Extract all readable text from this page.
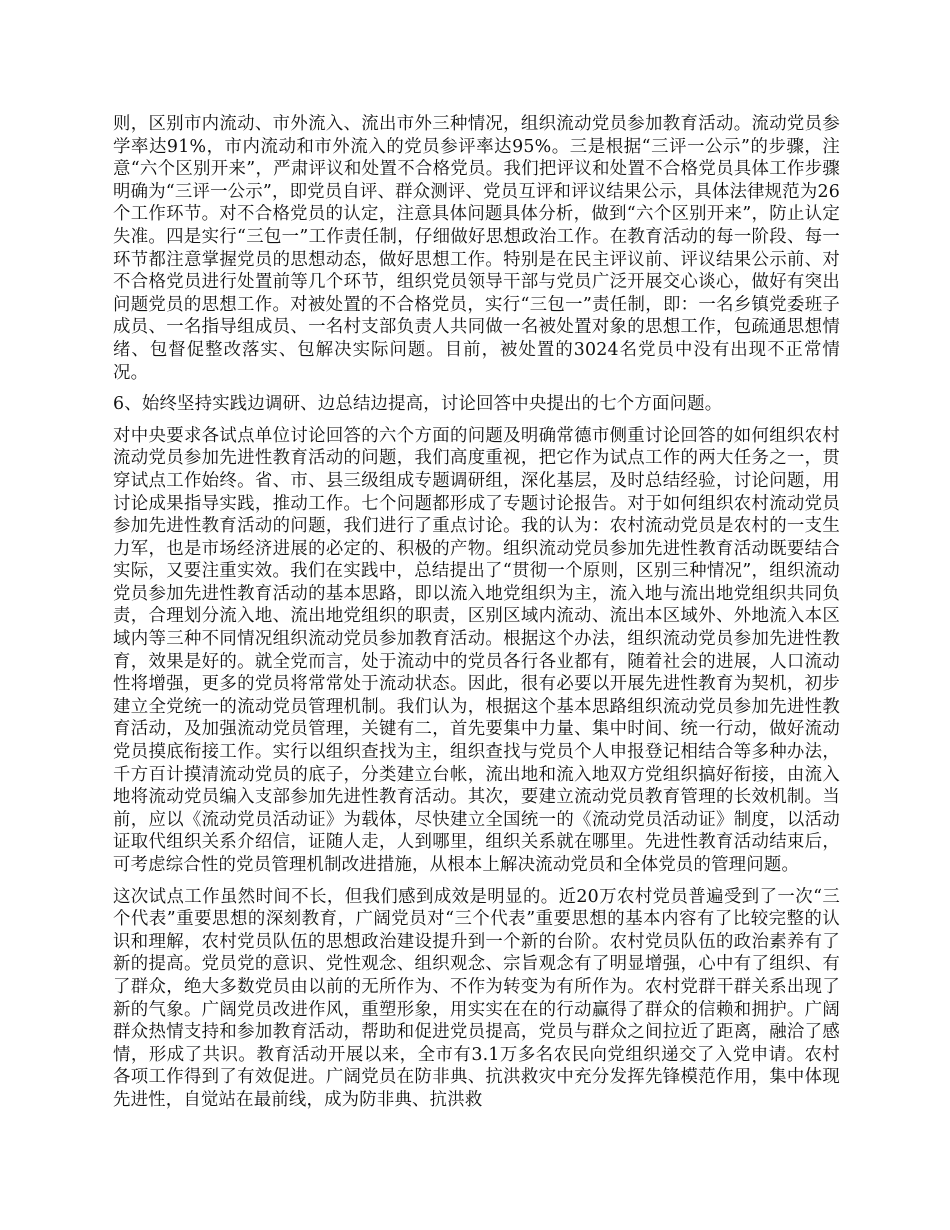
则，区别市内流动、市外流入、流出市外三种情况，组织流动党员参加教育活动。流动党员参学率达91%，市内流动和市外流入的党员参评率达95%。三是根据“三评一公示”的步骤，注意“六个区别开来”，严肃评议和处置不合格党员。我们把评议和处置不合格党员具体工作步骤明确为“三评一公示”，即党员自评、群众测评、党员互评和评议结果公示，具体法律规范为26个工作环节。对不合格党员的认定，注意具体问题具体分析，做到“六个区别开来”，防止认定失准。四是实行“三包一”工作责任制，仔细做好思想政治工作。在教育活动的每一阶段、每一环节都注意掌握党员的思想动态，做好思想工作。特别是在民主评议前、评议结果公示前、对不合格党员进行处置前等几个环节，组织党员领导干部与党员广泛开展交心谈心，做好有突出问题党员的思想工作。对被处置的不合格党员，实行“三包一”责任制，即：一名乡镇党委班子成员、一名指导组成员、一名村支部负责人共同做一名被处置对象的思想工作，包疏通思想情绪、包督促整改落实、包解决实际问题。目前，被处置的3024名党员中没有出现不正常情况。

6、始终坚持实践边调研、边总结边提高，讨论回答中央提出的七个方面问题。

对中央要求各试点单位讨论回答的六个方面的问题及明确常德市侧重讨论回答的如何组织农村流动党员参加先进性教育活动的问题，我们高度重视，把它作为试点工作的两大任务之一，贯穿试点工作始终。省、市、县三级组成专题调研组，深化基层，及时总结经验，讨论问题，用讨论成果指导实践，推动工作。七个问题都形成了专题讨论报告。对于如何组织农村流动党员参加先进性教育活动的问题，我们进行了重点讨论。我的认为：农村流动党员是农村的一支生力军，也是市场经济进展的必定的、积极的产物。组织流动党员参加先进性教育活动既要结合实际，又要注重实效。我们在实践中，总结提出了“贯彻一个原则，区别三种情况”，组织流动党员参加先进性教育活动的基本思路，即以流入地党组织为主，流入地与流出地党组织共同负责，合理划分流入地、流出地党组织的职责，区别区域内流动、流出本区域外、外地流入本区域内等三种不同情况组织流动党员参加教育活动。根据这个办法，组织流动党员参加先进性教育，效果是好的。就全党而言，处于流动中的党员各行各业都有，随着社会的进展，人口流动性将增强，更多的党员将常常处于流动状态。因此，很有必要以开展先进性教育为契机，初步建立全党统一的流动党员管理机制。我们认为，根据这个基本思路组织流动党员参加先进性教育活动，及加强流动党员管理，关键有二，首先要集中力量、集中时间、统一行动，做好流动党员摸底衔接工作。实行以组织查找为主，组织查找与党员个人申报登记相结合等多种办法，千方百计摸清流动党员的底子，分类建立台帐，流出地和流入地双方党组织搞好衔接，由流入地将流动党员编入支部参加先进性教育活动。其次，要建立流动党员教育管理的长效机制。当前，应以《流动党员活动证》为载体，尽快建立全国统一的《流动党员活动证》制度，以活动证取代组织关系介绍信，证随人走，人到哪里，组织关系就在哪里。先进性教育活动结束后，可考虑综合性的党员管理机制改进措施，从根本上解决流动党员和全体党员的管理问题。

这次试点工作虽然时间不长，但我们感到成效是明显的。近20万农村党员普遍受到了一次“三个代表”重要思想的深刻教育，广阔党员对“三个代表”重要思想的基本内容有了比较完整的认识和理解，农村党员队伍的思想政治建设提升到一个新的台阶。农村党员队伍的政治素养有了新的提高。党员党的意识、党性观念、组织观念、宗旨观念有了明显增强，心中有了组织、有了群众，绝大多数党员由以前的无所作为、不作为转变为有所作为。农村党群干群关系出现了新的气象。广阔党员改进作风，重塑形象，用实实在在的行动赢得了群众的信赖和拥护。广阔群众热情支持和参加教育活动，帮助和促进党员提高，党员与群众之间拉近了距离，融洽了感情，形成了共识。教育活动开展以来，全市有3.1万多名农民向党组织递交了入党申请。农村各项工作得到了有效促进。广阔党员在防非典、抗洪救灾中充分发挥先锋模范作用，集中体现先进性，自觉站在最前线，成为防非典、抗洪救
